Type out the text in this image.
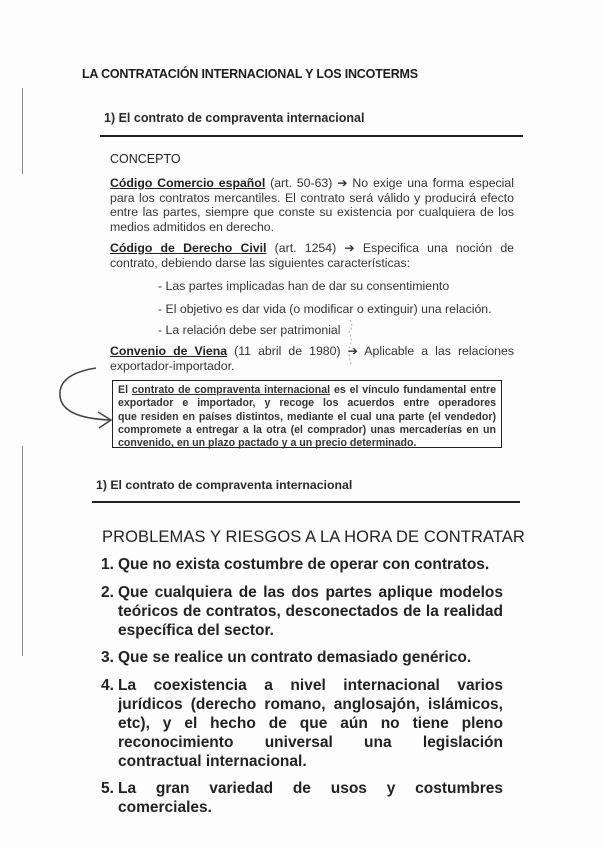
LA CONTRATACIÓN INTERNACIONAL Y LOS INCOTERMS
1) El contrato de compraventa internacional
CONCEPTO
Código Comercio español (art. 50-63) ➔ No exige una forma especial
para los contratos mercantiles. El contrato será válido y producirá efecto
entre las partes, siempre que conste su existencia por cualquiera de los
medios admitidos en derecho.
Código de Derecho Civil (art. 1254) ➔ Especifica una noción de
contrato, debiendo darse las siguientes características:
- Las partes implicadas han de dar su consentimiento
- El objetivo es dar vida (o modificar o extinguir) una relación.
- La relación debe ser patrimonial
Convenio de Viena (11 abril de 1980) ➔ Aplicable a las relaciones
exportador-importador.
El contrato de compraventa internacional es el vínculo fundamental entre
exportador e importador, y recoge los acuerdos entre operadores
que residen en países distintos, mediante el cual una parte (el vendedor)
compromete a entregar a la otra (el comprador) unas mercaderías en un
convenido, en un plazo pactado y a un precio determinado.
1) El contrato de compraventa internacional
PROBLEMAS Y RIESGOS A LA HORA DE CONTRATAR
1. Que no exista costumbre de operar con contratos.
2. Que cualquiera de las dos partes aplique modelos
teóricos de contratos, desconectados de la realidad
específica del sector.
3. Que se realice un contrato demasiado genérico.
4. La coexistencia a nivel internacional varios
jurídicos (derecho romano, anglosajón, islámicos,
etc), y el hecho de que aún no tiene pleno
reconocimiento universal una legislación
contractual internacional.
5. La gran variedad de usos y costumbres
comerciales.
